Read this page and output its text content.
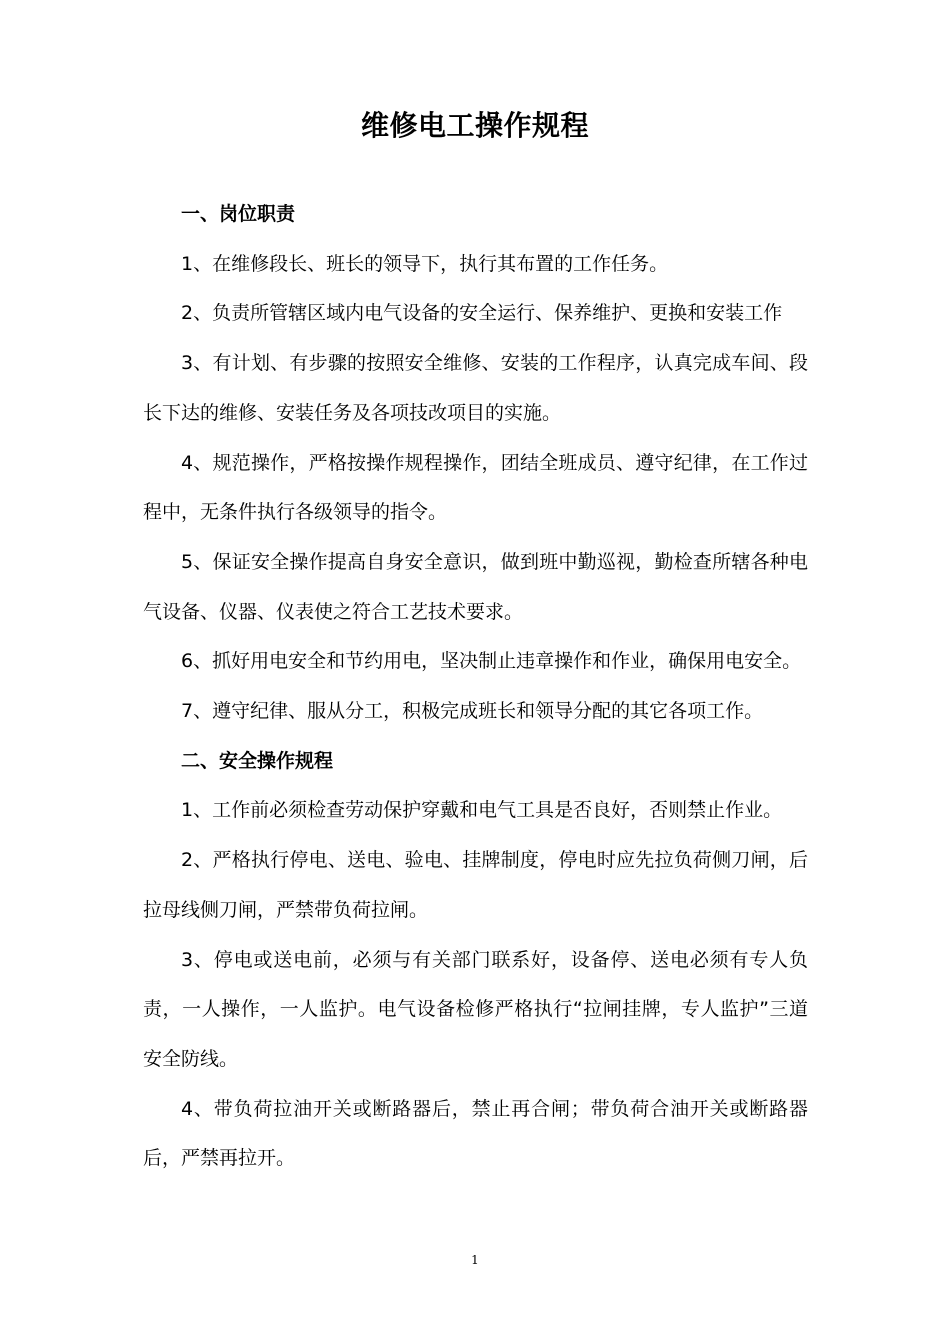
维修电工操作规程

一、岗位职责

1、在维修段长、班长的领导下，执行其布置的工作任务。

2、负责所管辖区域内电气设备的安全运行、保养维护、更换和安装工作

3、有计划、有步骤的按照安全维修、安装的工作程序，认真完成车间、段长下达的维修、安装任务及各项技改项目的实施。

4、规范操作，严格按操作规程操作，团结全班成员、遵守纪律，在工作过程中，无条件执行各级领导的指令。

5、保证安全操作提高自身安全意识，做到班中勤巡视，勤检查所辖各种电气设备、仪器、仪表使之符合工艺技术要求。

6、抓好用电安全和节约用电，坚决制止违章操作和作业，确保用电安全。

7、遵守纪律、服从分工，积极完成班长和领导分配的其它各项工作。

二、安全操作规程

1、工作前必须检查劳动保护穿戴和电气工具是否良好，否则禁止作业。

2、严格执行停电、送电、验电、挂牌制度，停电时应先拉负荷侧刀闸，后拉母线侧刀闸，严禁带负荷拉闸。

3、停电或送电前，必须与有关部门联系好，设备停、送电必须有专人负责，一人操作，一人监护。电气设备检修严格执行“拉闸挂牌，专人监护”三道安全防线。

4、带负荷拉油开关或断路器后，禁止再合闸；带负荷合油开关或断路器后，严禁再拉开。

1
